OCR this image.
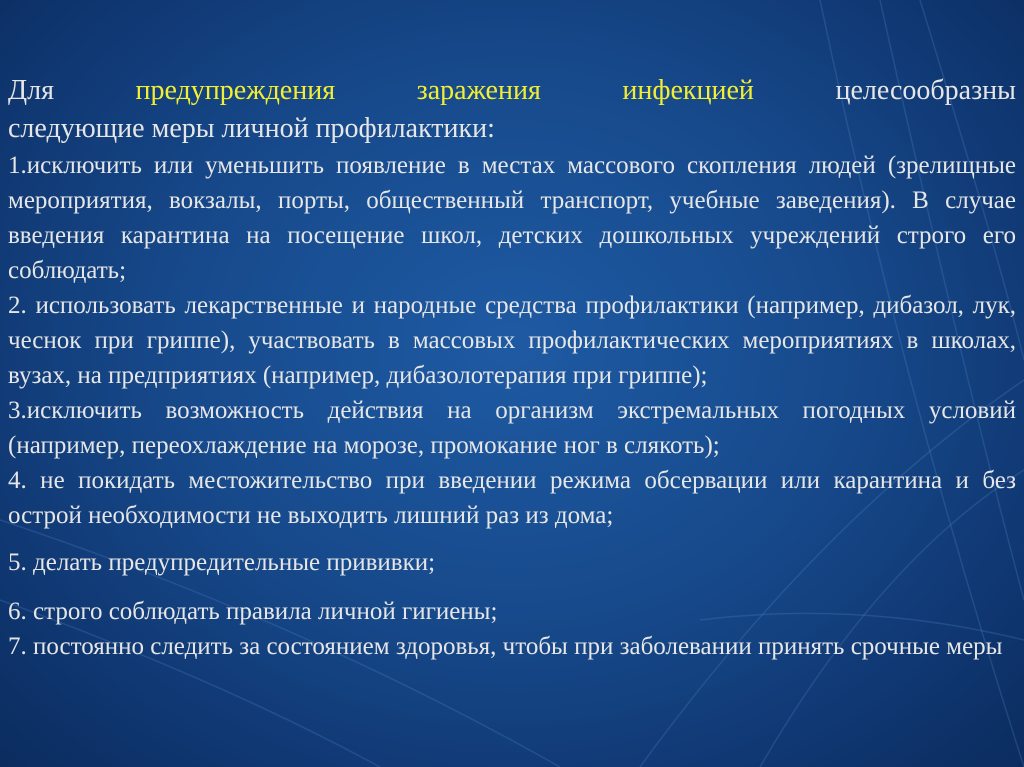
Для	предупреждения	заражения	инфекцией	целесообразны
следующие меры личной профилактики:

1.исключить или уменьшить появление в местах массового скопления людей (зрелищные мероприятия, вокзалы, порты, общественный транспорт, учебные заведения). В случае введения карантина на посещение школ, детских дошкольных учреждений строго его соблюдать;

2. использовать лекарственные и народные средства профилактики (например, дибазол, лук, чеснок при гриппе), участвовать в массовых профилактических мероприятиях в школах, вузах, на предприятиях (например, дибазолотерапия при гриппе);

3.исключить возможность действия на организм экстремальных погодных условий (например, переохлаждение на морозе, промокание ног в слякоть);

4. не покидать местожительство при введении режима обсервации или карантина и без острой необходимости не выходить лишний раз из дома;

5. делать предупредительные прививки;

6. строго соблюдать правила личной гигиены;

7. постоянно следить за состоянием здоровья, чтобы при заболевании принять срочные меры
